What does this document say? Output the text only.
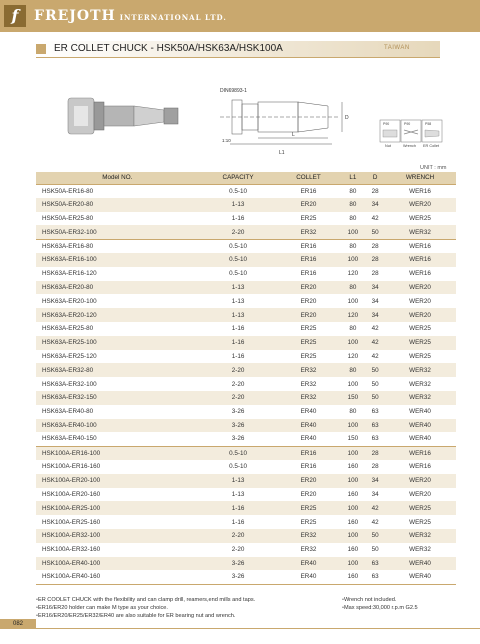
f	FREJOTH INTERNATIONAL LTD.
ER COLLET CHUCK - HSK50A/HSK63A/HSK100A	TAIWAN
DIN69893-1
L1
L
D
1:10
P90	P90	P58
Nut	Wrench ER Collet
UNIT : mm
Model NO.	CAPACITY	COLLET	L1	D	WRENCH
HSK50A-ER16-80	0.5-10	ER16	80	28	WER16
HSK50A-ER20-80	1-13	ER20	80	34	WER20
HSK50A-ER25-80	1-16	ER25	80	42	WER25
HSK50A-ER32-100	2-20	ER32	100	50	WER32
HSK63A-ER16-80	0.5-10	ER16	80	28	WER16
HSK63A-ER16-100	0.5-10	ER16	100	28	WER16
HSK63A-ER16-120	0.5-10	ER16	120	28	WER16
HSK63A-ER20-80	1-13	ER20	80	34	WER20
HSK63A-ER20-100	1-13	ER20	100	34	WER20
HSK63A-ER20-120	1-13	ER20	120	34	WER20
HSK63A-ER25-80	1-16	ER25	80	42	WER25
HSK63A-ER25-100	1-16	ER25	100	42	WER25
HSK63A-ER25-120	1-16	ER25	120	42	WER25
HSK63A-ER32-80	2-20	ER32	80	50	WER32
HSK63A-ER32-100	2-20	ER32	100	50	WER32
HSK63A-ER32-150	2-20	ER32	150	50	WER32
HSK63A-ER40-80	3-26	ER40	80	63	WER40
HSK63A-ER40-100	3-26	ER40	100	63	WER40
HSK63A-ER40-150	3-26	ER40	150	63	WER40
HSK100A-ER16-100	0.5-10	ER16	100	28	WER16
HSK100A-ER16-160	0.5-10	ER16	160	28	WER16
HSK100A-ER20-100	1-13	ER20	100	34	WER20
HSK100A-ER20-160	1-13	ER20	160	34	WER20
HSK100A-ER25-100	1-16	ER25	100	42	WER25
HSK100A-ER25-160	1-16	ER25	160	42	WER25
HSK100A-ER32-100	2-20	ER32	100	50	WER32
HSK100A-ER32-160	2-20	ER32	160	50	WER32
HSK100A-ER40-100	3-26	ER40	100	63	WER40
HSK100A-ER40-160	3-26	ER40	160	63	WER40
• ER COOLET CHUCK with the flexibility and can clamp drill, reamers,end mills and taps.
• ER16/ER20 holder can make M type as your choice.
• ER16/ER20/ER25/ER32/ER40 are also suitable for ER bearing nut and wrench.
• Wrench not included.
• Max speed:30,000 r.p.m G2.5
082
